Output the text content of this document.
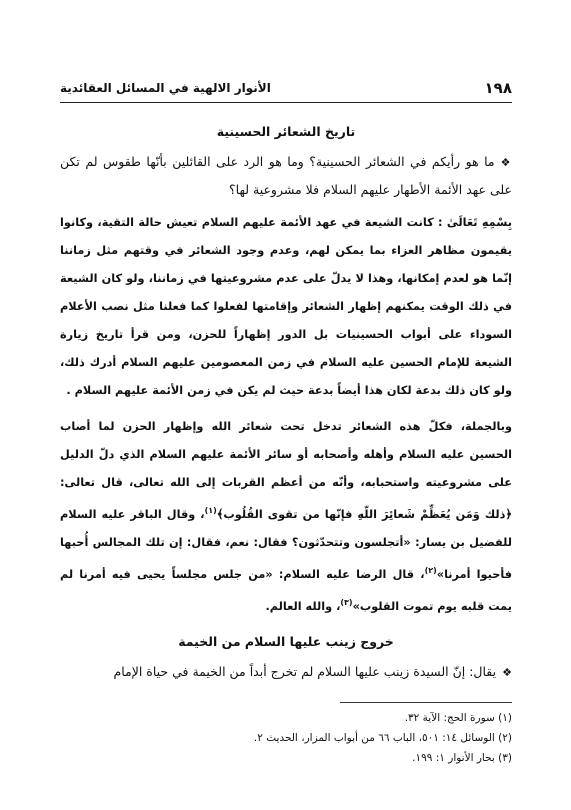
١٩٨
الأنوار الالهية في المسائل العقائدية
تاريخ الشعائر الحسينية

❖ما هو رأيكم في الشعائر الحسينية؟ وما هو الرد على القائلين بأنّها طقوس لم تكن على عهد الأئمة الأطهار عليهم السلام فلا مشروعية لها؟

بِسْمِهِ تَعَالَىٰ : كانت الشيعة في عهد الأئمة عليهم السلام تعيش حالة التقية، وكانوا يقيمون مظاهر العزاء بما يمكن لهم، وعدم وجود الشعائر في وقتهم مثل زماننا إنّما هو لعدم إمكانها، وهذا لا يدلّ على عدم مشروعيتها في زماننا، ولو كان الشيعة في ذلك الوقت يمكنهم إظهار الشعائر وإقامتها لفعلوا كما فعلنا مثل نصب الأعلام السوداء على أبواب الحسينيات بل الدور إظهاراً للحزن، ومن قرأ تاريخ زيارة الشيعة للإمام الحسين عليه السلام في زمن المعصومين عليهم السلام أدرك ذلك، ولو كان ذلك بدعة لكان هذا أيضاً بدعة حيث لم يكن في زمن الأئمة عليهم السلام .

وبالجملة، فكلّ هذه الشعائر تدخل تحت شعائر الله وإظهار الحزن لما أصاب الحسين عليه السلام وأهله وأصحابه أو سائر الأئمة عليهم السلام الذي دلّ الدليل على مشروعيته واستحبابه، وأنّه من أعظم القربات إلى الله تعالى، قال تعالى: ﴿ذلك وَمَن يُعَظِّمْ شَعائِرَ اللّهِ فإنّها من تقوى القُلُوب﴾$^{(١)}$، وقال الباقر عليه السلام للفضيل بن يسار: «أتجلسون وتتحدّثون؟ فقال: نعم، فقال: إن تلك المجالس أُحبها فأحيوا أمرنا»$^{(٢)}$، قال الرضا عليه السلام: «من جلس مجلساً يحيى فيه أمرنا لم يمت قلبه يوم تموت القلوب»$^{(٣)}$، والله العالم.

خروج زينب عليها السلام من الخيمة

❖يقال: إنّ السيدة زينب عليها السلام لم تخرج أبداً من الخيمة في حياة الإمام

(١) سورة الحج: الآية ٣٢.
(٢) الوسائل ١٤: ٥٠١، الباب ٦٦ من أبواب المزار، الحديث ٢.
(٣) بحار الأنوار ١: ١٩٩.
